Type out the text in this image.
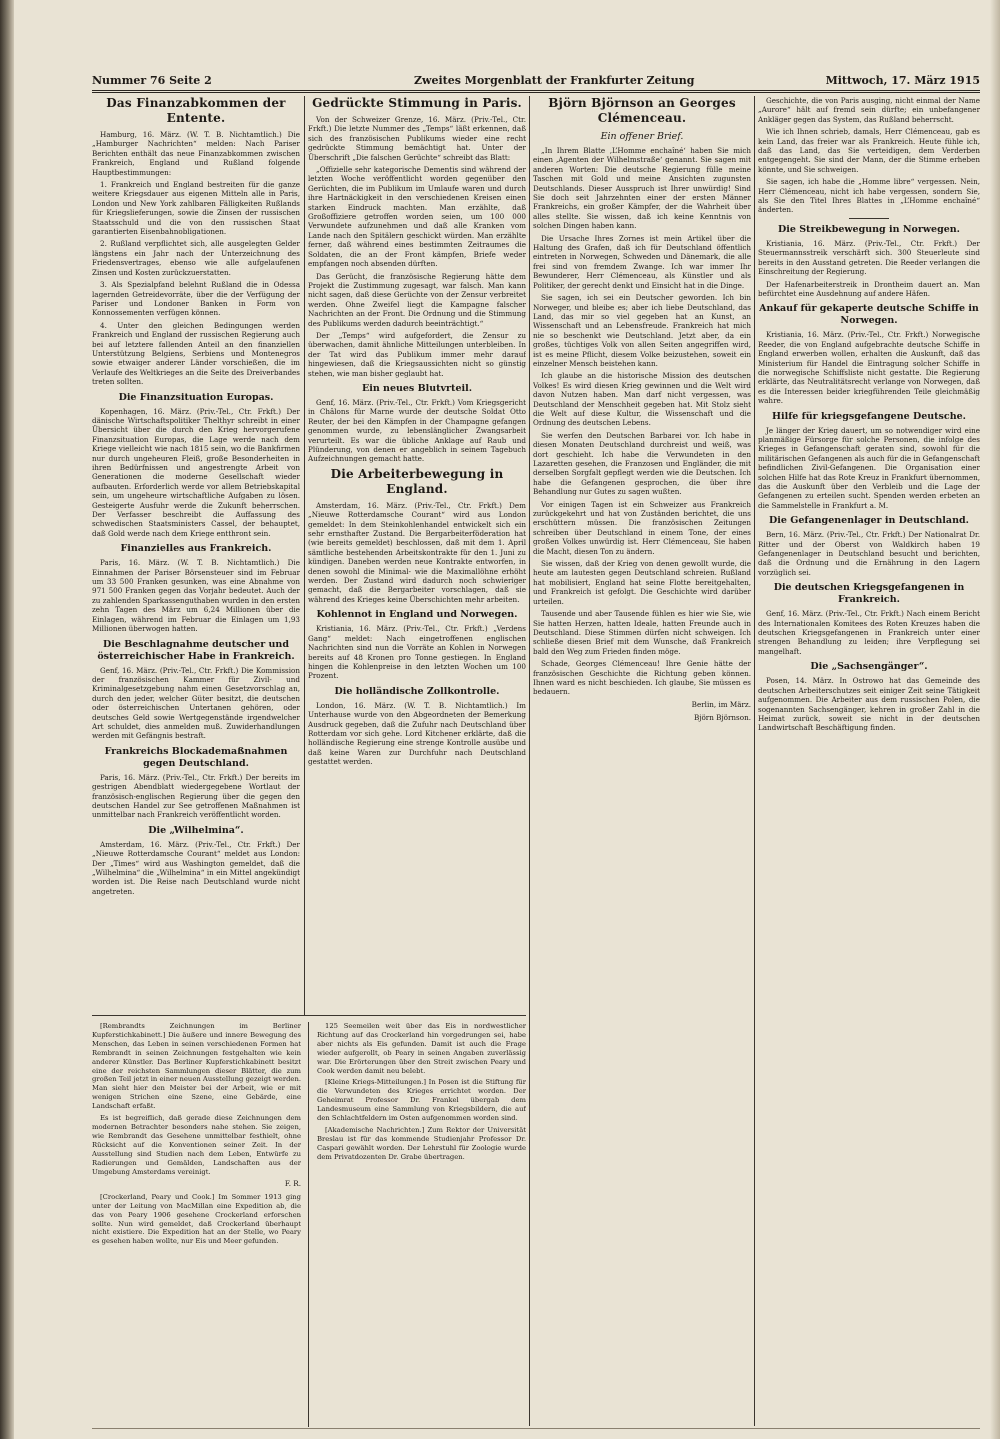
Nummer 76 Seite 2	Zweites Morgenblatt der Frankfurter Zeitung	Mittwoch, 17. März 1915
Das Finanzabkommen der Entente.

Hamburg, 16. März. (W. T. B. Nichtamtlich.) Die „Hamburger Nachrichten“ melden: Nach Pariser Berichten enthält das neue Finanzabkommen zwischen Frankreich, England und Rußland folgende Hauptbestimmungen:

1. Frankreich und England bestreiten für die ganze weitere Kriegsdauer aus eigenen Mitteln alle in Paris, London und New York zahlbaren Fälligkeiten Rußlands für Kriegslieferungen, sowie die Zinsen der russischen Staatsschuld und die von den russischen Staat garantierten Eisenbahnobligationen.

2. Rußland verpflichtet sich, alle ausgelegten Gelder längstens ein Jahr nach der Unterzeichnung des Friedensvertrages, ebenso wie alle aufgelaufenen Zinsen und Kosten zurückzuerstatten.

3. Als Spezialpfand belehnt Rußland die in Odessa lagernden Getreidevorräte, über die der Verfügung der Pariser und Londoner Banken in Form von Konnossementen verfügen können.

4. Unter den gleichen Bedingungen werden Frankreich und England der russischen Regierung auch bei auf letztere fallenden Anteil an den finanziellen Unterstützung Belgiens, Serbiens und Montenegros sowie etwaiger anderer Länder vorschießen, die im Verlaufe des Weltkrieges an die Seite des Dreiverbandes treten sollten.

Die Finanzsituation Europas.

Kopenhagen, 16. März. (Priv.-Tel., Ctr. Frkft.) Der dänische Wirtschaftspolitiker Thelthyr schreibt in einer Übersicht über die durch den Krieg hervorgerufene Finanzsituation Europas, die Lage werde nach dem Kriege vielleicht wie nach 1815 sein, wo die Bankfirmen nur durch ungeheuren Fleiß, große Besonderheiten in ihren Bedürfnissen und angestrengte Arbeit von Generationen die moderne Gesellschaft wieder aufbauten. Erforderlich werde vor allem Betriebskapital sein, um ungeheure wirtschaftliche Aufgaben zu lösen. Gesteigerte Ausfuhr werde die Zukunft beherrschen. Der Verfasser beschreibt die Auffassung des schwedischen Staatsministers Cassel, der behauptet, daß Gold werde nach dem Kriege entthront sein.

Finanzielles aus Frankreich.

Paris, 16. März. (W. T. B. Nichtamtlich.) Die Einnahmen der Pariser Börsensteuer sind im Februar um 33 500 Franken gesunken, was eine Abnahme von 971 500 Franken gegen das Vorjahr bedeutet. Auch der zu zahlenden Sparkassenguthaben wurden in den ersten zehn Tagen des März um 6,24 Millionen über die Einlagen, während im Februar die Einlagen um 1,93 Millionen überwogen hatten.

Die Beschlagnahme deutscher und österreichischer Habe in Frankreich.

Genf, 16. März. (Priv.-Tel., Ctr. Frkft.) Die Kommission der französischen Kammer für Zivil- und Kriminalgesetzgebung nahm einen Gesetzvorschlag an, durch den jeder, welcher Güter besitzt, die deutschen oder österreichischen Untertanen gehören, oder deutsches Geld sowie Wertgegenstände irgendwelcher Art schuldet, dies anmelden muß. Zuwiderhandlungen werden mit Gefängnis bestraft.

Frankreichs Blockademaßnahmen gegen Deutschland.

Paris, 16. März. (Priv.-Tel., Ctr. Frkft.) Der bereits im gestrigen Abendblatt wiedergegebene Wortlaut der französisch-englischen Regierung über die gegen den deutschen Handel zur See getroffenen Maßnahmen ist unmittelbar nach Frankreich veröffentlicht worden.

Die „Wilhelmina“.

Amsterdam, 16. März. (Priv.-Tel., Ctr. Frkft.) Der „Nieuwe Rotterdamsche Courant“ meldet aus London: Der „Times“ wird aus Washington gemeldet, daß die „Wilhelmina“ die „Wilhelmina“ in ein Mittel angekündigt worden ist. Die Reise nach Deutschland wurde nicht angetreten.

Gedrückte Stimmung in Paris.

Von der Schweizer Grenze, 16. März. (Priv.-Tel., Ctr. Frkft.) Die letzte Nummer des „Temps“ läßt erkennen, daß sich des französischen Publikums wieder eine recht gedrückte Stimmung bemächtigt hat. Unter der Überschrift „Die falschen Gerüchte“ schreibt das Blatt:

„Offizielle sehr kategorische Dementis sind während der letzten Woche veröffentlicht worden gegenüber den Gerüchten, die im Publikum im Umlaufe waren und durch ihre Hartnäckigkeit in den verschiedenen Kreisen einen starken Eindruck machten. Man erzählte, daß Großoffiziere getroffen worden seien, um 100 000 Verwundete aufzunehmen und daß alle Kranken vom Lande nach den Spitälern geschickt würden. Man erzählte ferner, daß während eines bestimmten Zeitraumes die Soldaten, die an der Front kämpfen, Briefe weder empfangen noch absenden dürften.

Das Gerücht, die französische Regierung hätte dem Projekt die Zustimmung zugesagt, war falsch. Man kann nicht sagen, daß diese Gerüchte von der Zensur verbreitet werden. Ohne Zweifel liegt die Kampagne falscher Nachrichten an der Front. Die Ordnung und die Stimmung des Publikums werden dadurch beeinträchtigt.“

Der „Temps“ wird aufgefordert, die Zensur zu überwachen, damit ähnliche Mitteilungen unterbleiben. In der Tat wird das Publikum immer mehr darauf hingewiesen, daß die Kriegsaussichten nicht so günstig stehen, wie man bisher geglaubt hat.

Ein neues Blutvrteil.

Genf, 16. März. (Priv.-Tel., Ctr. Frkft.) Vom Kriegsgericht in Châlons für Marne wurde der deutsche Soldat Otto Reuter, der bei den Kämpfen in der Champagne gefangen genommen wurde, zu lebenslänglicher Zwangsarbeit verurteilt. Es war die übliche Anklage auf Raub und Plünderung, von denen er angeblich in seinem Tagebuch Aufzeichnungen gemacht hatte.

Die Arbeiterbewegung in England.

Amsterdam, 16. März. (Priv.-Tel., Ctr. Frkft.) Dem „Nieuwe Rotterdamsche Courant“ wird aus London gemeldet: In dem Steinkohlenhandel entwickelt sich ein sehr ernsthafter Zustand. Die Bergarbeiterföderation hat (wie bereits gemeldet) beschlossen, daß mit dem 1. April sämtliche bestehenden Arbeitskontrakte für den 1. Juni zu kündigen. Daneben werden neue Kontrakte entworfen, in denen sowohl die Minimal- wie die Maximallöhne erhöht werden. Der Zustand wird dadurch noch schwieriger gemacht, daß die Bergarbeiter vorschlagen, daß sie während des Krieges keine Überschichten mehr arbeiten.

Kohlennot in England und Norwegen.

Kristiania, 16. März. (Priv.-Tel., Ctr. Frkft.) „Verdens Gang“ meldet: Nach eingetroffenen englischen Nachrichten sind nun die Vorräte an Kohlen in Norwegen bereits auf 48 Kronen pro Tonne gestiegen. In England hingen die Kohlenpreise in den letzten Wochen um 100 Prozent.

Die holländische Zollkontrolle.

London, 16. März. (W. T. B. Nichtamtlich.) Im Unterhause wurde von den Abgeordneten der Bemerkung Ausdruck gegeben, daß die Zufuhr nach Deutschland über Rotterdam vor sich gehe. Lord Kitchener erklärte, daß die holländische Regierung eine strenge Kontrolle ausübe und daß keine Waren zur Durchfuhr nach Deutschland gestattet werden.

Björn Björnson an Georges Clémenceau.
Ein offener Brief.

„In Ihrem Blatte ‚L’Homme enchaîné‘ haben Sie mich einen ‚Agenten der Wilhelmstraße‘ genannt. Sie sagen mit anderen Worten: Die deutsche Regierung fülle meine Taschen mit Gold und meine Ansichten zugunsten Deutschlands. Dieser Ausspruch ist Ihrer unwürdig! Sind Sie doch seit Jahrzehnten einer der ersten Männer Frankreichs, ein großer Kämpfer, der die Wahrheit über alles stellte. Sie wissen, daß ich keine Kenntnis von solchen Dingen haben kann.

Die Ursache Ihres Zornes ist mein Artikel über die Haltung des Grafen, daß ich für Deutschland öffentlich eintreten in Norwegen, Schweden und Dänemark, die alle frei sind von fremdem Zwange. Ich war immer Ihr Bewunderer, Herr Clémenceau, als Künstler und als Politiker, der gerecht denkt und Einsicht hat in die Dinge.

Sie sagen, ich sei ein Deutscher geworden. Ich bin Norweger, und bleibe es; aber ich liebe Deutschland, das Land, das mir so viel gegeben hat an Kunst, an Wissenschaft und an Lebensfreude. Frankreich hat mich nie so beschenkt wie Deutschland. Jetzt aber, da ein großes, tüchtiges Volk von allen Seiten angegriffen wird, ist es meine Pflicht, diesem Volke beizustehen, soweit ein einzelner Mensch beistehen kann.

Ich glaube an die historische Mission des deutschen Volkes! Es wird diesen Krieg gewinnen und die Welt wird davon Nutzen haben. Man darf nicht vergessen, was Deutschland der Menschheit gegeben hat. Mit Stolz sieht die Welt auf diese Kultur, die Wissenschaft und die Ordnung des deutschen Lebens.

Sie werfen den Deutschen Barbarei vor. Ich habe in diesen Monaten Deutschland durchreist und weiß, was dort geschieht. Ich habe die Verwundeten in den Lazaretten gesehen, die Franzosen und Engländer, die mit derselben Sorgfalt gepflegt werden wie die Deutschen. Ich habe die Gefangenen gesprochen, die über ihre Behandlung nur Gutes zu sagen wußten.

Vor einigen Tagen ist ein Schweizer aus Frankreich zurückgekehrt und hat von Zuständen berichtet, die uns erschüttern müssen. Die französischen Zeitungen schreiben über Deutschland in einem Tone, der eines großen Volkes unwürdig ist. Herr Clémenceau, Sie haben die Macht, diesen Ton zu ändern.

Sie wissen, daß der Krieg von denen gewollt wurde, die heute am lautesten gegen Deutschland schreien. Rußland hat mobilisiert, England hat seine Flotte bereitgehalten, und Frankreich ist gefolgt. Die Geschichte wird darüber urteilen.

Tausende und aber Tausende fühlen es hier wie Sie, wie Sie hatten Herzen, hatten Ideale, hatten Freunde auch in Deutschland. Diese Stimmen dürfen nicht schweigen. Ich schließe diesen Brief mit dem Wunsche, daß Frankreich bald den Weg zum Frieden finden möge.

Schade, Georges Clémenceau! Ihre Genie hätte der französischen Geschichte die Richtung geben können. Ihnen ward es nicht beschieden. Ich glaube, Sie müssen es bedauern.

Berlin, im März.
Björn Björnson.

Geschichte, die von Paris ausging, nicht einmal der Name „Aurore“ hält auf fremd sein dürfte; ein unbefangener Ankläger gegen das System, das Rußland beherrscht.

Wie ich Ihnen schrieb, damals, Herr Clémenceau, gab es kein Land, das freier war als Frankreich. Heute fühle ich, daß das Land, das Sie verteidigen, dem Verderben entgegengeht. Sie sind der Mann, der die Stimme erheben könnte, und Sie schweigen.

Sie sagen, ich habe die „Homme libre“ vergessen. Nein, Herr Clémenceau, nicht ich habe vergessen, sondern Sie, als Sie den Titel Ihres Blattes in „L’Homme enchaîné“ änderten.

Die Streikbewegung in Norwegen.

Kristiania, 16. März. (Priv.-Tel., Ctr. Frkft.) Der Steuermannsstreik verschärft sich. 300 Steuerleute sind bereits in den Ausstand getreten. Die Reeder verlangen die Einschreitung der Regierung.

Der Hafenarbeiterstreik in Drontheim dauert an. Man befürchtet eine Ausdehnung auf andere Häfen.

Ankauf für gekaperte deutsche Schiffe in Norwegen.

Kristiania, 16. März. (Priv.-Tel., Ctr. Frkft.) Norwegische Reeder, die von England aufgebrachte deutsche Schiffe in England erwerben wollen, erhalten die Auskunft, daß das Ministerium für Handel die Eintragung solcher Schiffe in die norwegische Schiffsliste nicht gestatte. Die Regierung erklärte, das Neutralitätsrecht verlange von Norwegen, daß es die Interessen beider kriegführenden Teile gleichmäßig wahre.

Hilfe für kriegsgefangene Deutsche.

Je länger der Krieg dauert, um so notwendiger wird eine planmäßige Fürsorge für solche Personen, die infolge des Krieges in Gefangenschaft geraten sind, sowohl für die militärischen Gefangenen als auch für die in Gefangenschaft befindlichen Zivil-Gefangenen. Die Organisation einer solchen Hilfe hat das Rote Kreuz in Frankfurt übernommen, das die Auskunft über den Verbleib und die Lage der Gefangenen zu erteilen sucht. Spenden werden erbeten an die Sammelstelle in Frankfurt a. M.

Die Gefangenenlager in Deutschland.

Bern, 16. März. (Priv.-Tel., Ctr. Frkft.) Der Nationalrat Dr. Ritter und der Oberst von Waldkirch haben 19 Gefangenenlager in Deutschland besucht und berichten, daß die Ordnung und die Ernährung in den Lagern vorzüglich sei.

Die deutschen Kriegsgefangenen in Frankreich.

Genf, 16. März. (Priv.-Tel., Ctr. Frkft.) Nach einem Bericht des Internationalen Komitees des Roten Kreuzes haben die deutschen Kriegsgefangenen in Frankreich unter einer strengen Behandlung zu leiden; ihre Verpflegung sei mangelhaft.

Die „Sachsengänger“.

Posen, 14. März. In Ostrowo hat das Gemeinde des deutschen Arbeiterschutzes seit einiger Zeit seine Tätigkeit aufgenommen. Die Arbeiter aus dem russischen Polen, die sogenannten Sachsengänger, kehren in großer Zahl in die Heimat zurück, soweit sie nicht in der deutschen Landwirtschaft Beschäftigung finden.

[Rembrandts Zeichnungen im Berliner Kupferstichkabinett.] Die äußere und innere Bewegung des Menschen, das Leben in seinen verschiedenen Formen hat Rembrandt in seinen Zeichnungen festgehalten wie kein anderer Künstler. Das Berliner Kupferstichkabinett besitzt eine der reichsten Sammlungen dieser Blätter, die zum großen Teil jetzt in einer neuen Ausstellung gezeigt werden. Man sieht hier den Meister bei der Arbeit, wie er mit wenigen Strichen eine Szene, eine Gebärde, eine Landschaft erfaßt.

Es ist begreiflich, daß gerade diese Zeichnungen dem modernen Betrachter besonders nahe stehen. Sie zeigen, wie Rembrandt das Gesehene unmittelbar festhielt, ohne Rücksicht auf die Konventionen seiner Zeit. In der Ausstellung sind Studien nach dem Leben, Entwürfe zu Radierungen und Gemälden, Landschaften aus der Umgebung Amsterdams vereinigt.

F. R.

[Crockerland, Peary und Cook.] Im Sommer 1913 ging unter der Leitung von MacMillan eine Expedition ab, die das von Peary 1906 gesehene Crockerland erforschen sollte. Nun wird gemeldet, daß Crockerland überhaupt nicht existiere. Die Expedition hat an der Stelle, wo Peary es gesehen haben wollte, nur Eis und Meer gefunden.

125 Seemeilen weit über das Eis in nordwestlicher Richtung auf das Crockerland hin vorgedrungen sei, habe aber nichts als Eis gefunden. Damit ist auch die Frage wieder aufgerollt, ob Peary in seinen Angaben zuverlässig war. Die Erörterungen über den Streit zwischen Peary und Cook werden damit neu belebt.

[Kleine Kriegs-Mitteilungen.] In Posen ist die Stiftung für die Verwundeten des Krieges errichtet worden. Der Geheimrat Professor Dr. Frankel übergab dem Landesmuseum eine Sammlung von Kriegsbildern, die auf den Schlachtfeldern im Osten aufgenommen worden sind.

[Akademische Nachrichten.] Zum Rektor der Universität Breslau ist für das kommende Studienjahr Professor Dr. Caspari gewählt worden. Der Lehrstuhl für Zoologie wurde dem Privatdozenten Dr. Grabe übertragen.
